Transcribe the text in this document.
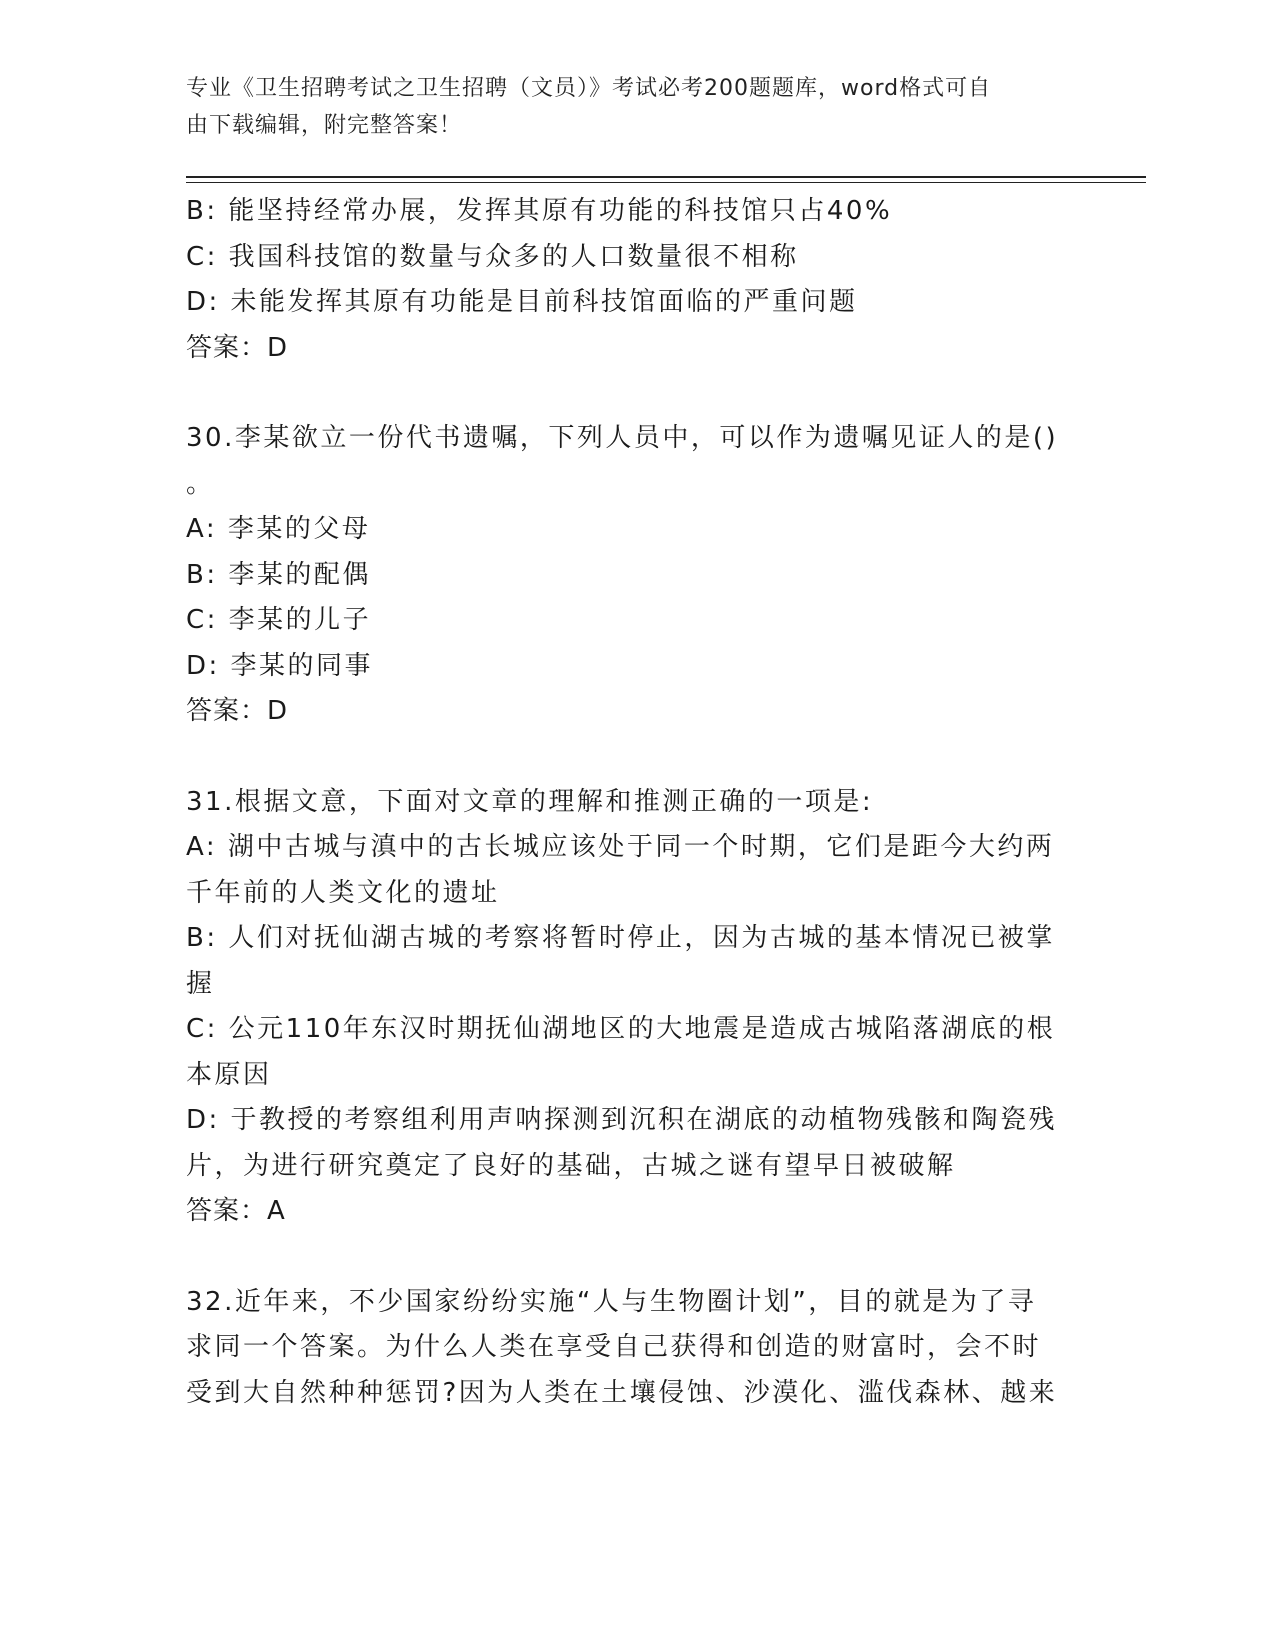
专业《卫生招聘考试之卫生招聘（文员）》考试必考200题题库，word格式可自
由下载编辑，附完整答案！

B: 能坚持经常办展，发挥其原有功能的科技馆只占40%

C: 我国科技馆的数量与众多的人口数量很不相称

D: 未能发挥其原有功能是目前科技馆面临的严重问题

答案：D

30.李某欲立一份代书遗嘱，下列人员中，可以作为遗嘱见证人的是()

。

A: 李某的父母

B: 李某的配偶

C: 李某的儿子

D: 李某的同事

答案：D

31.根据文意，下面对文章的理解和推测正确的一项是:

A: 湖中古城与滇中的古长城应该处于同一个时期，它们是距今大约两

千年前的人类文化的遗址

B: 人们对抚仙湖古城的考察将暂时停止，因为古城的基本情况已被掌

握

C: 公元110年东汉时期抚仙湖地区的大地震是造成古城陷落湖底的根

本原因

D: 于教授的考察组利用声呐探测到沉积在湖底的动植物残骸和陶瓷残

片，为进行研究奠定了良好的基础，古城之谜有望早日被破解

答案：A

32.近年来，不少国家纷纷实施“人与生物圈计划”，目的就是为了寻

求同一个答案。为什么人类在享受自己获得和创造的财富时，会不时

受到大自然种种惩罚?因为人类在土壤侵蚀、沙漠化、滥伐森林、越来
